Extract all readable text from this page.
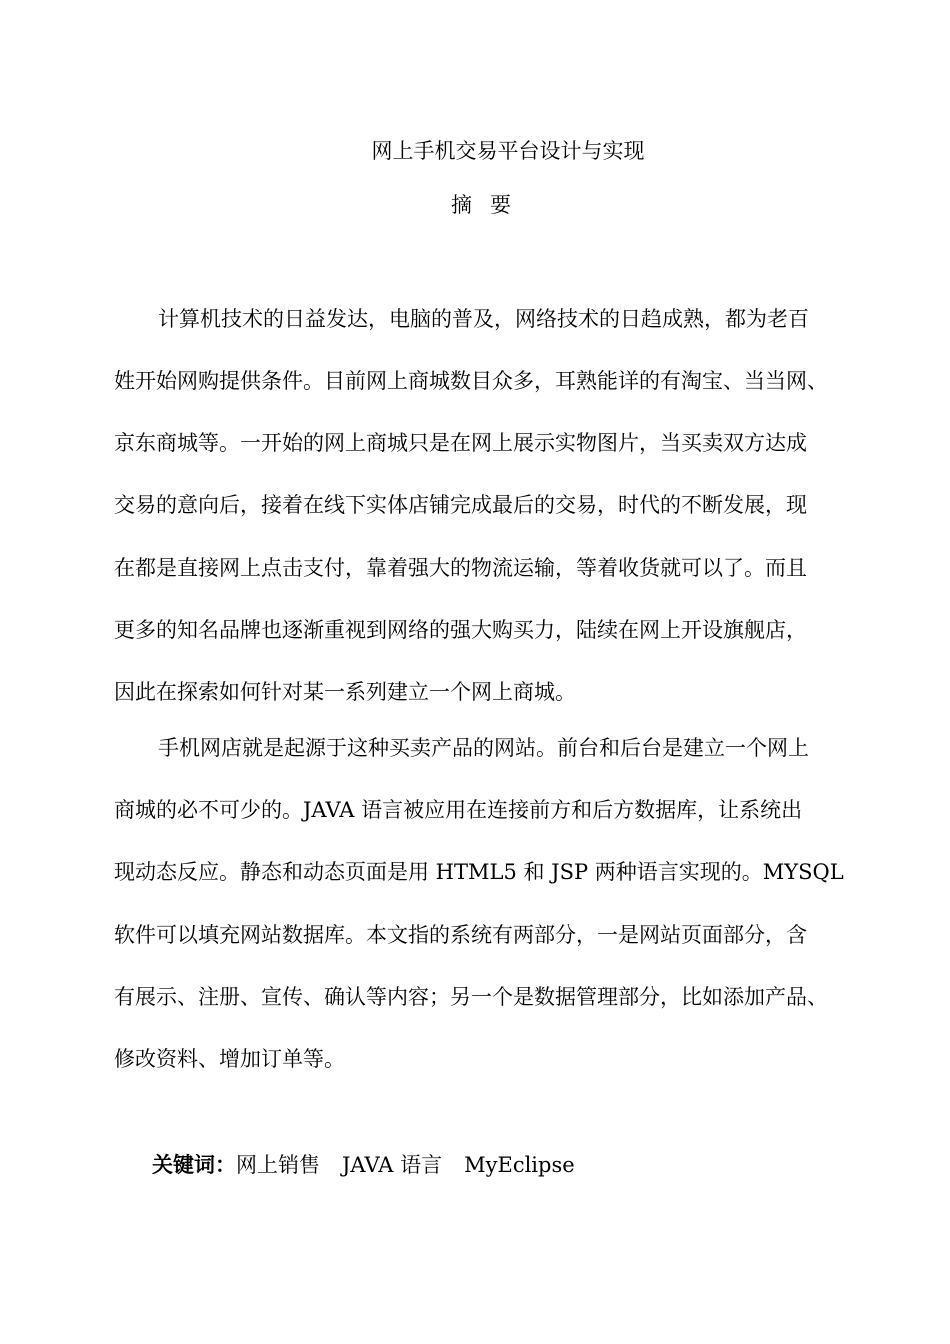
网上手机交易平台设计与实现
摘要
计算机技术的日益发达，电脑的普及，网络技术的日趋成熟，都为老百
姓开始网购提供条件。目前网上商城数目众多，耳熟能详的有淘宝、当当网、
京东商城等。一开始的网上商城只是在网上展示实物图片，当买卖双方达成
交易的意向后，接着在线下实体店铺完成最后的交易，时代的不断发展，现
在都是直接网上点击支付，靠着强大的物流运输，等着收货就可以了。而且
更多的知名品牌也逐渐重视到网络的强大购买力，陆续在网上开设旗舰店，
因此在探索如何针对某一系列建立一个网上商城。
手机网店就是起源于这种买卖产品的网站。前台和后台是建立一个网上
商城的必不可少的。JAVA 语言被应用在连接前方和后方数据库，让系统出
现动态反应。静态和动态页面是用 HTML5 和 JSP 两种语言实现的。MYSQL
软件可以填充网站数据库。本文指的系统有两部分，一是网站页面部分，含
有展示、注册、宣传、确认等内容；另一个是数据管理部分，比如添加产品、
修改资料、增加订单等。
关键词：网上销售 JAVA 语言 MyEclipse
